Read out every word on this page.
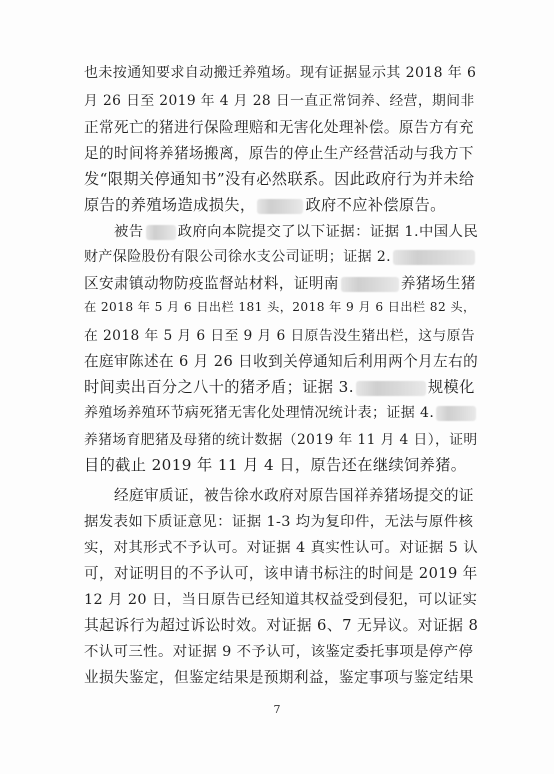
也未按通知要求自动搬迁养殖场。现有证据显示其 2018 年 6
月 26 日至 2019 年 4 月 28 日一直正常饲养、经营，期间非
正常死亡的猪进行保险理赔和无害化处理补偿。原告方有充
足的时间将养猪场搬离，原告的停止生产经营活动与我方下
发“限期关停通知书”没有必然联系。因此政府行为并未给
原告的养殖场造成损失，	政府不应补偿原告。
被告 政府向本院提交了以下证据：证据 1.中国人民
财产保险股份有限公司徐水支公司证明；证据 2.
区安肃镇动物防疫监督站材料，证明南	养猪场生猪
在 2018 年 5 月 6 日出栏 181 头，2018 年 9 月 6 日出栏 82 头，
在 2018 年 5 月 6 日至 9 月 6 日原告没生猪出栏，这与原告
在庭审陈述在 6 月 26 日收到关停通知后利用两个月左右的
时间卖出百分之八十的猪矛盾；证据 3.	规模化
养殖场养殖环节病死猪无害化处理情况统计表；证据 4.
养猪场育肥猪及母猪的统计数据（2019 年 11 月 4 日），证明
目的截止 2019 年 11 月 4 日，原告还在继续饲养猪。
经庭审质证，被告徐水政府对原告国祥养猪场提交的证
据发表如下质证意见：证据 1-3 均为复印件，无法与原件核
实，对其形式不予认可。对证据 4 真实性认可。对证据 5 认
可，对证明目的不予认可，该申请书标注的时间是 2019 年
12 月 20 日，当日原告已经知道其权益受到侵犯，可以证实
其起诉行为超过诉讼时效。对证据 6、7 无异议。对证据 8
不认可三性。对证据 9 不予认可，该鉴定委托事项是停产停
业损失鉴定，但鉴定结果是预期利益，鉴定事项与鉴定结果
7
